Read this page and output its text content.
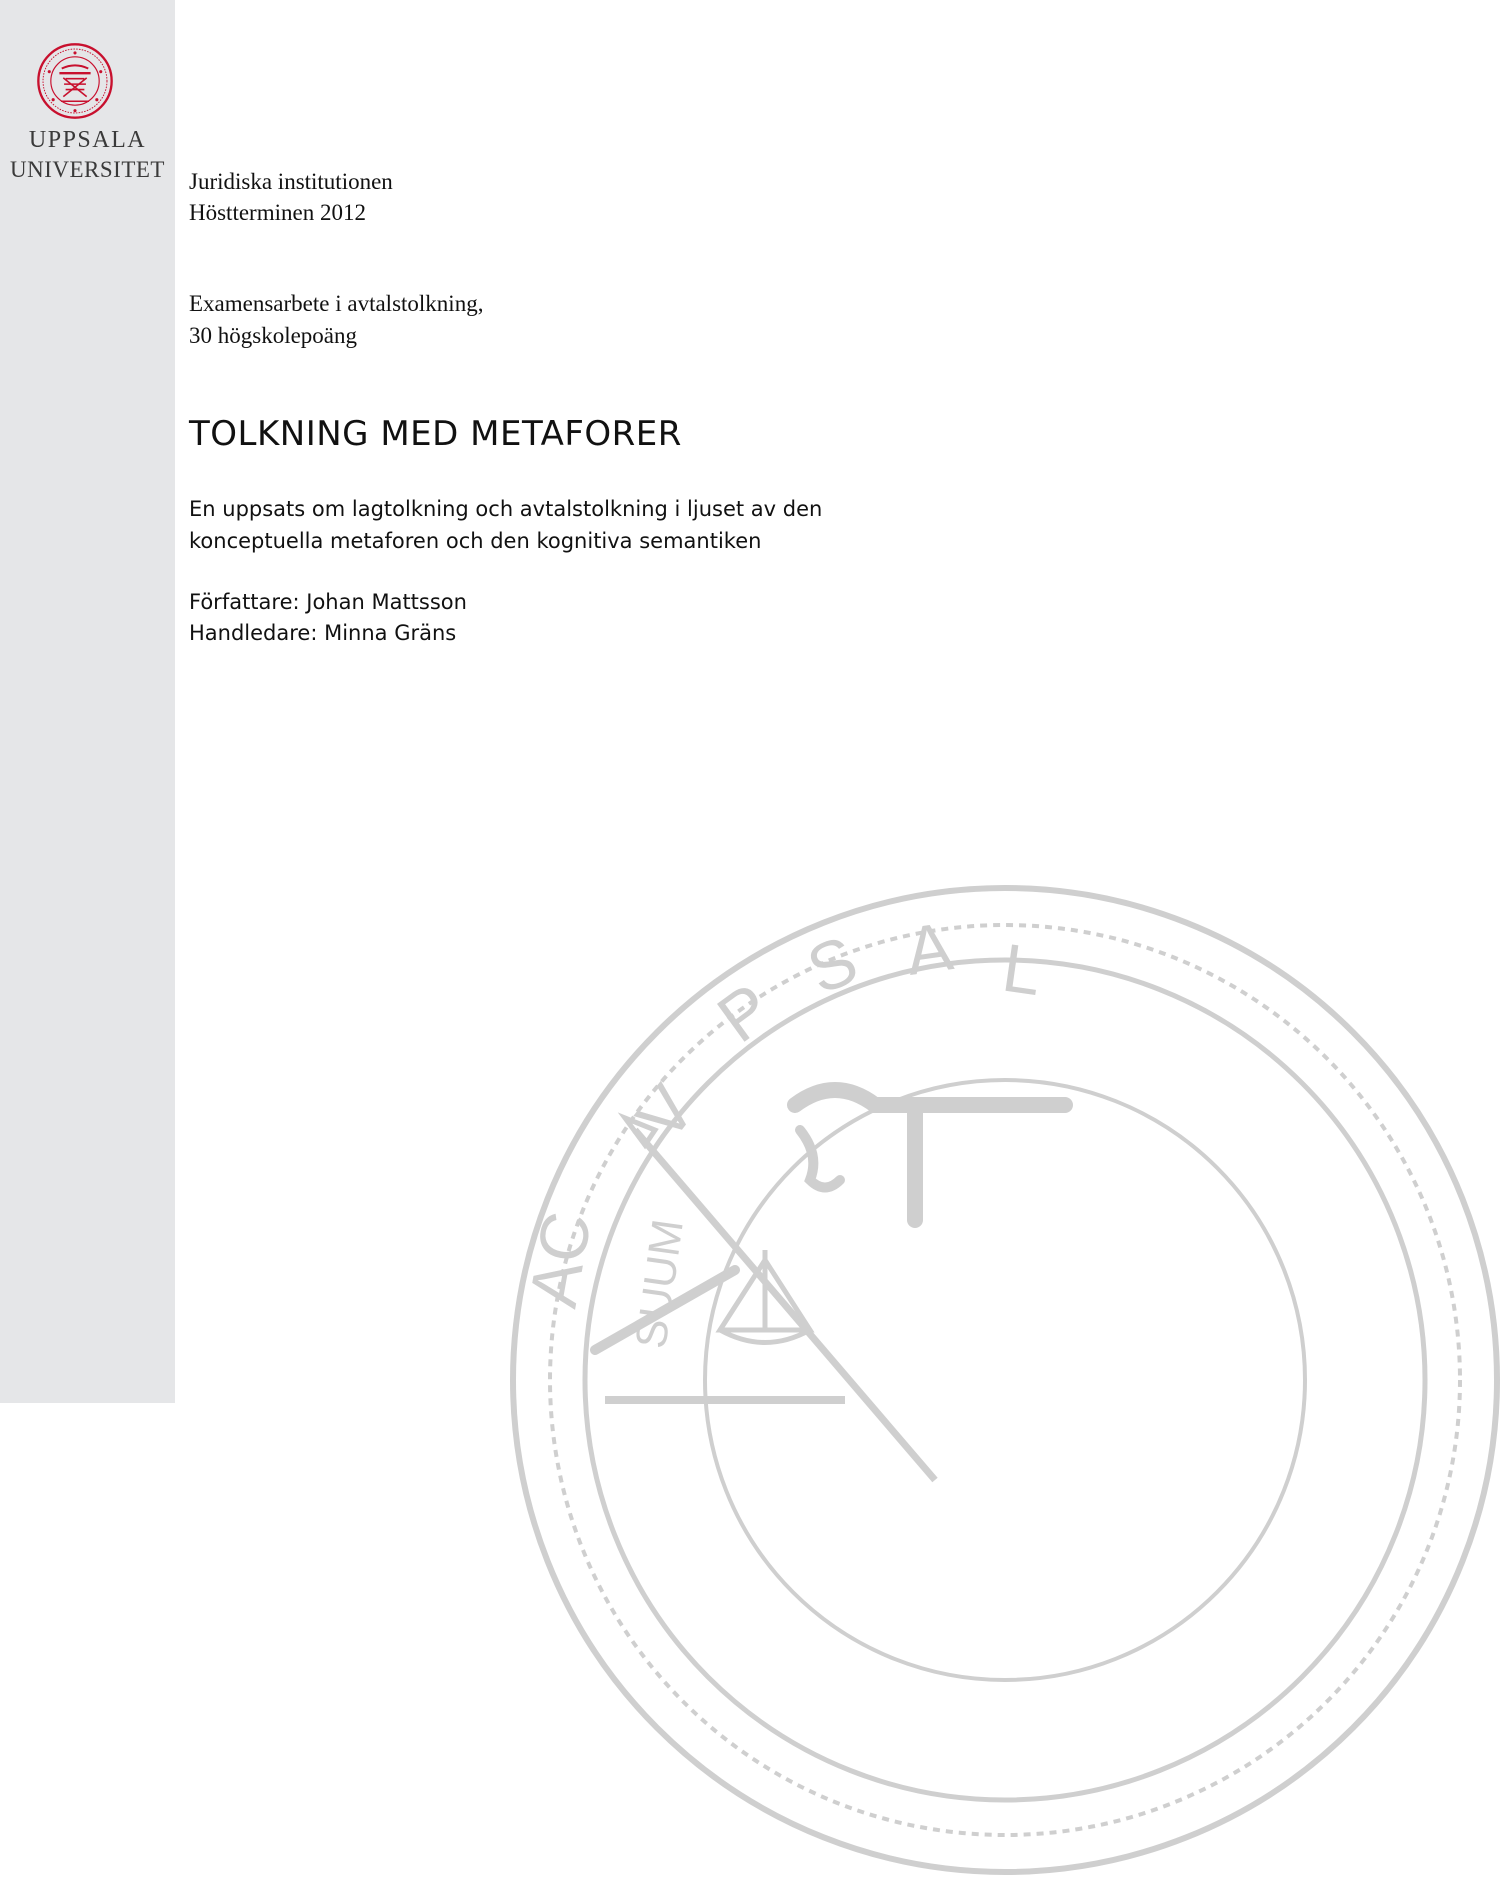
UPPSALA
UNIVERSITET
AC
V
P
S A L
SUUM
Juridiska institutionen
Höstterminen 2012
Examensarbete i avtalstolkning,
30 högskolepoäng
TOLKNING MED METAFORER
En uppsats om lagtolkning och avtalstolkning i ljuset av den
konceptuella metaforen och den kognitiva semantiken
Författare: Johan Mattsson
Handledare: Minna Gräns
